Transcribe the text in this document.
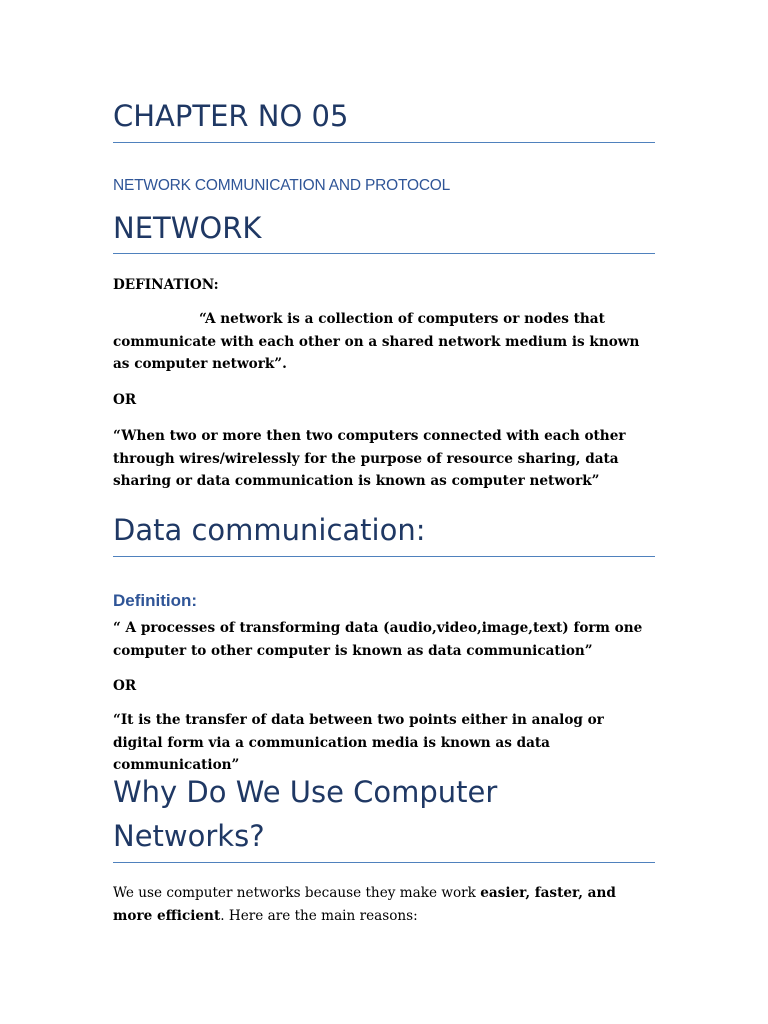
CHAPTER NO 05
NETWORK COMMUNICATION AND PROTOCOL
NETWORK

DEFINATION:

“A network is a collection of computers or nodes that communicate with each other on a shared network medium is known as computer network”.

OR

“When two or more then two computers connected with each other through wires/wirelessly for the purpose of resource sharing, data sharing or data communication is known as computer network”

Data communication:
Definition:

“ A processes of transforming data (audio,video,image,text) form one computer to other computer is known as data communication”

OR

“It is the transfer of data between two points either in analog or digital form via a communication media is known as data communication”

Why Do We Use Computer Networks?

We use computer networks because they make work easier, faster, and more efficient. Here are the main reasons:
